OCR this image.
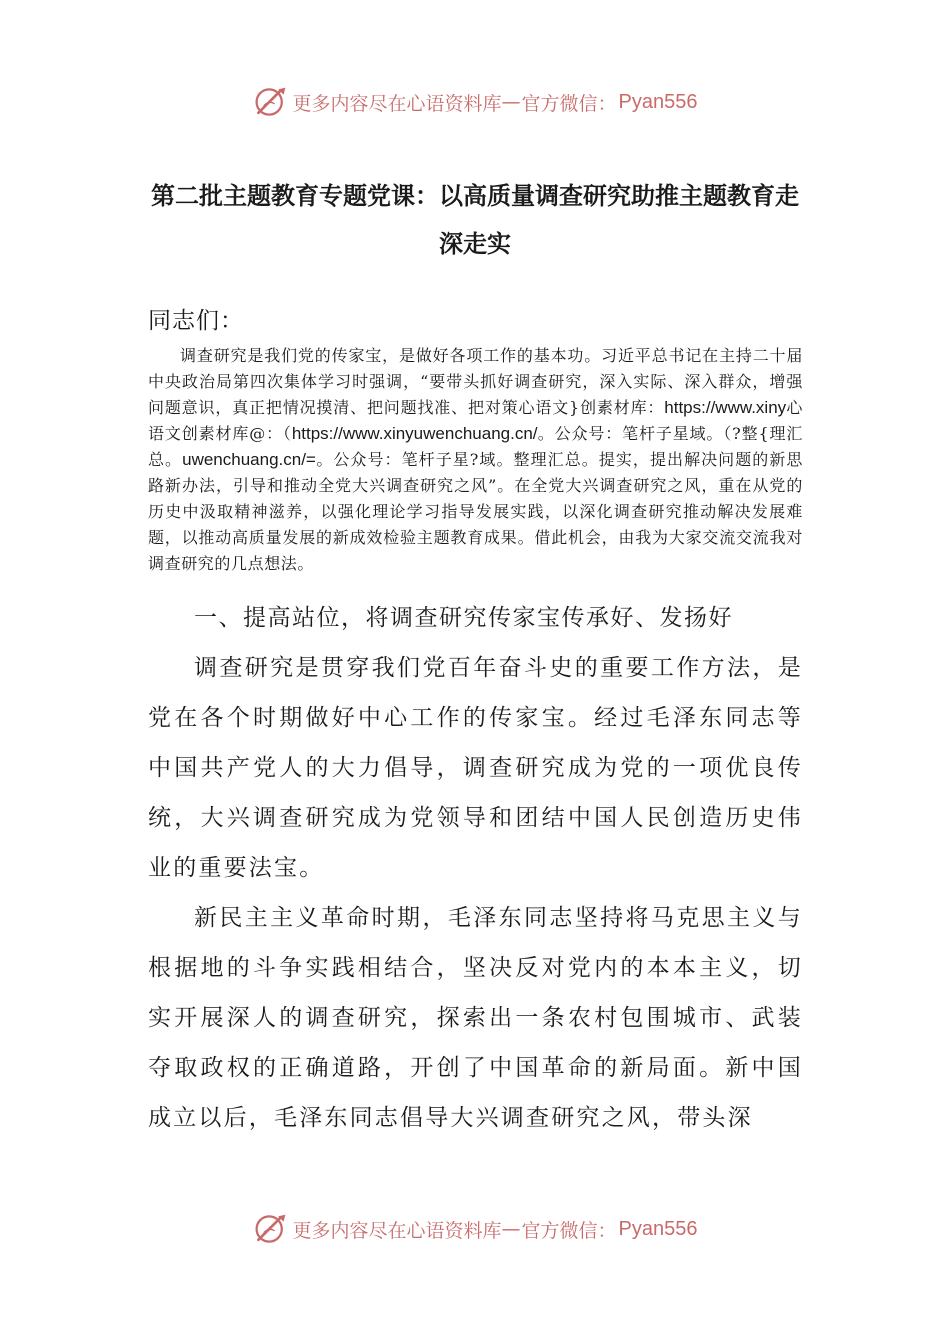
更多内容尽在心语资料库 — 官方微信： Pyan556
第二批主题教育专题党课：以高质量调查研究助推主题教育走深走实
同志们：
调查研究是我们党的传家宝，是做好各项工作的基本功。习近平总书记在主持二十届中央政治局第四次集体学习时强调，“要带头抓好调查研究，深入实际、深入群众，增强问题意识，真正把情况摸清、把问题找准、把对策心语文}创素材库：https://www.xiny心语文创素材库@：（https://www.xinyuwenchuang.cn/。公众号：笔杆子星域。（?整{理汇总。uwenchuang.cn/=。公众号：笔杆子星?域。整理汇总。提实，提出解决问题的新思路新办法，引导和推动全党大兴调查研究之风”。在全党大兴调查研究之风，重在从党的历史中汲取精神滋养，以强化理论学习指导发展实践，以深化调查研究推动解决发展难题，以推动高质量发展的新成效检验主题教育成果。借此机会，由我为大家交流交流我对调查研究的几点想法。
一、提高站位，将调查研究传家宝传承好、发扬好
调查研究是贯穿我们党百年奋斗史的重要工作方法，是党在各个时期做好中心工作的传家宝。经过毛泽东同志等中国共产党人的大力倡导，调查研究成为党的一项优良传统，大兴调查研究成为党领导和团结中国人民创造历史伟业的重要法宝。
新民主主义革命时期，毛泽东同志坚持将马克思主义与根据地的斗争实践相结合，坚决反对党内的本本主义，切实开展深人的调查研究，探索出一条农村包围城市、武装夺取政权的正确道路，开创了中国革命的新局面。新中国成立以后，毛泽东同志倡导大兴调查研究之风，带头深
更多内容尽在心语资料库 — 官方微信： Pyan556
